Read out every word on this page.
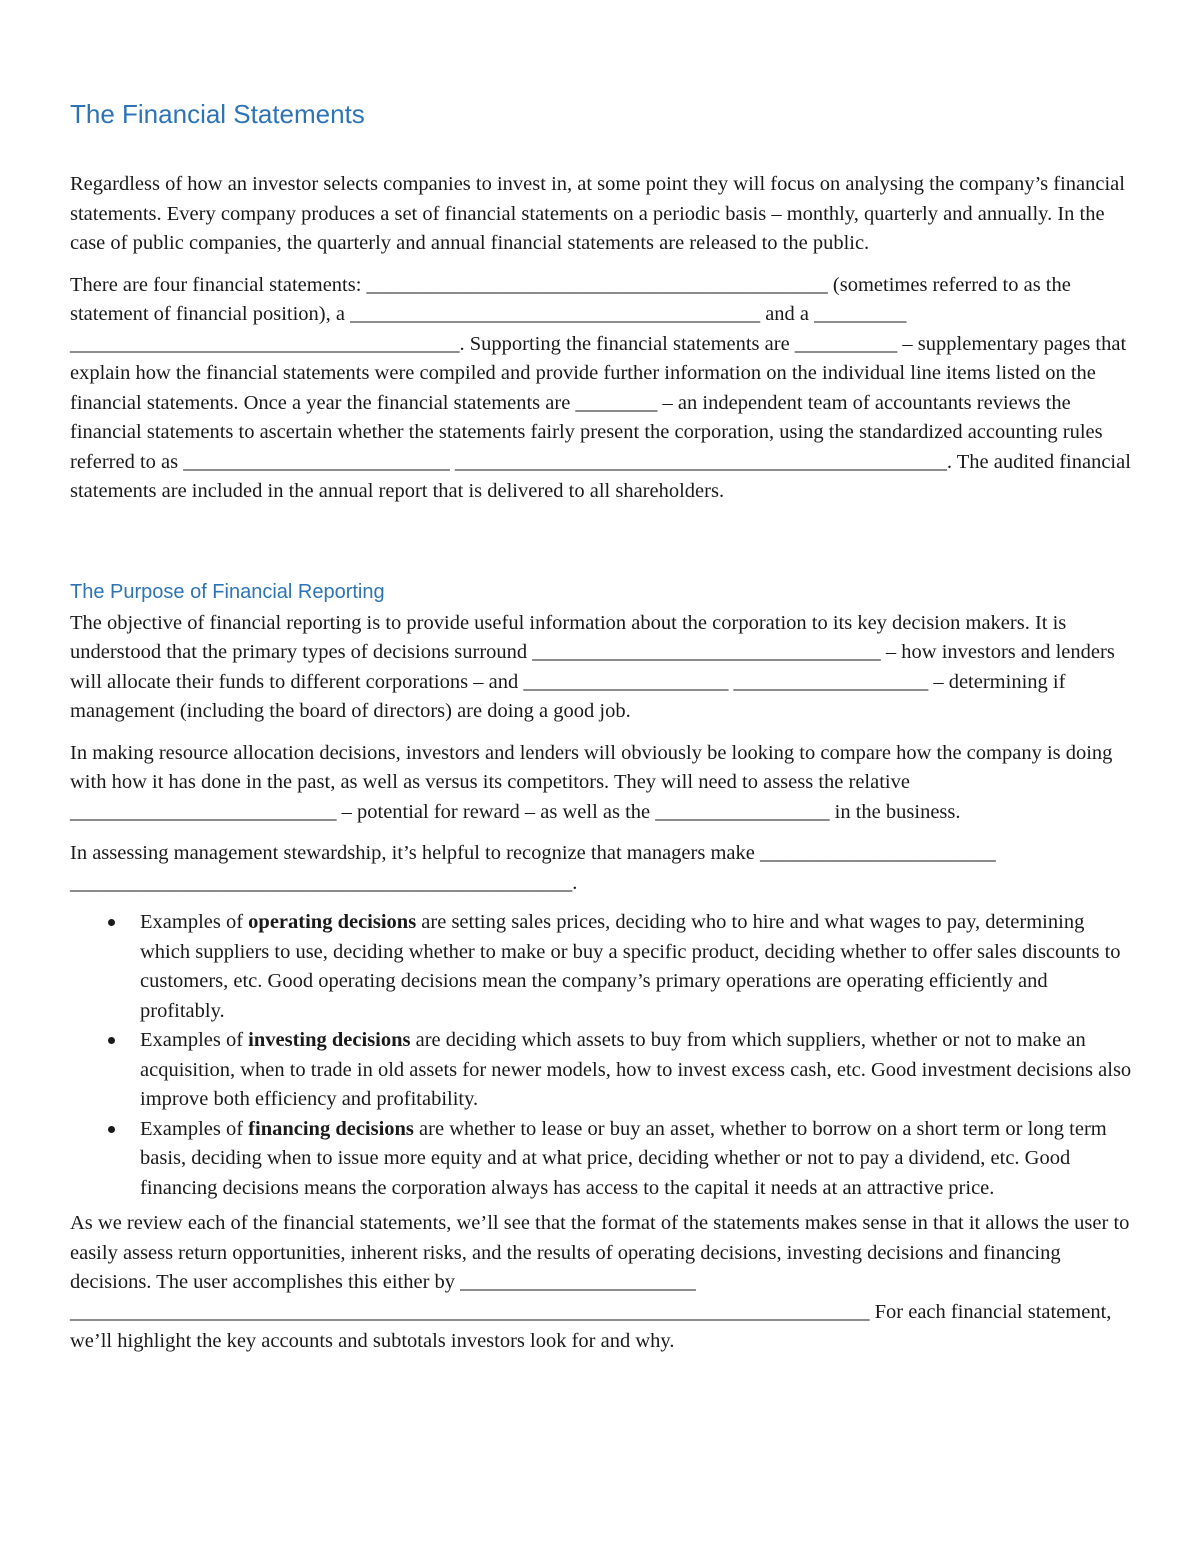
The Financial Statements

Regardless of how an investor selects companies to invest in, at some point they will focus on analysing the company’s financial statements. Every company produces a set of financial statements on a periodic basis – monthly, quarterly and annually. In the case of public companies, the quarterly and annual financial statements are released to the public.

There are four financial statements: _____________________________________________ (sometimes referred to as the statement of financial position), a ________________________________________ and a _________ ______________________________________. Supporting the financial statements are __________ – supplementary pages that explain how the financial statements were compiled and provide further information on the individual line items listed on the financial statements. Once a year the financial statements are ________ – an independent team of accountants reviews the financial statements to ascertain whether the statements fairly present the corporation, using the standardized accounting rules referred to as __________________________ ________________________________________________. The audited financial statements are included in the annual report that is delivered to all shareholders.

The Purpose of Financial Reporting

The objective of financial reporting is to provide useful information about the corporation to its key decision makers. It is understood that the primary types of decisions surround __________________________________ – how investors and lenders will allocate their funds to different corporations – and ____________________ ___________________ – determining if management (including the board of directors) are doing a good job.

In making resource allocation decisions, investors and lenders will obviously be looking to compare how the company is doing with how it has done in the past, as well as versus its competitors. They will need to assess the relative __________________________ – potential for reward – as well as the _________________ in the business.

In assessing management stewardship, it’s helpful to recognize that managers make _______________________ _________________________________________________.

Examples of operating decisions are setting sales prices, deciding who to hire and what wages to pay, determining which suppliers to use, deciding whether to make or buy a specific product, deciding whether to offer sales discounts to customers, etc. Good operating decisions mean the company’s primary operations are operating efficiently and profitably.
Examples of investing decisions are deciding which assets to buy from which suppliers, whether or not to make an acquisition, when to trade in old assets for newer models, how to invest excess cash, etc. Good investment decisions also improve both efficiency and profitability.
Examples of financing decisions are whether to lease or buy an asset, whether to borrow on a short term or long term basis, deciding when to issue more equity and at what price, deciding whether or not to pay a dividend, etc. Good financing decisions means the corporation always has access to the capital it needs at an attractive price.

As we review each of the financial statements, we’ll see that the format of the statements makes sense in that it allows the user to easily assess return opportunities, inherent risks, and the results of operating decisions, investing decisions and financing decisions. The user accomplishes this either by _______________________ ______________________________________________________________________________ For each financial statement, we’ll highlight the key accounts and subtotals investors look for and why.
